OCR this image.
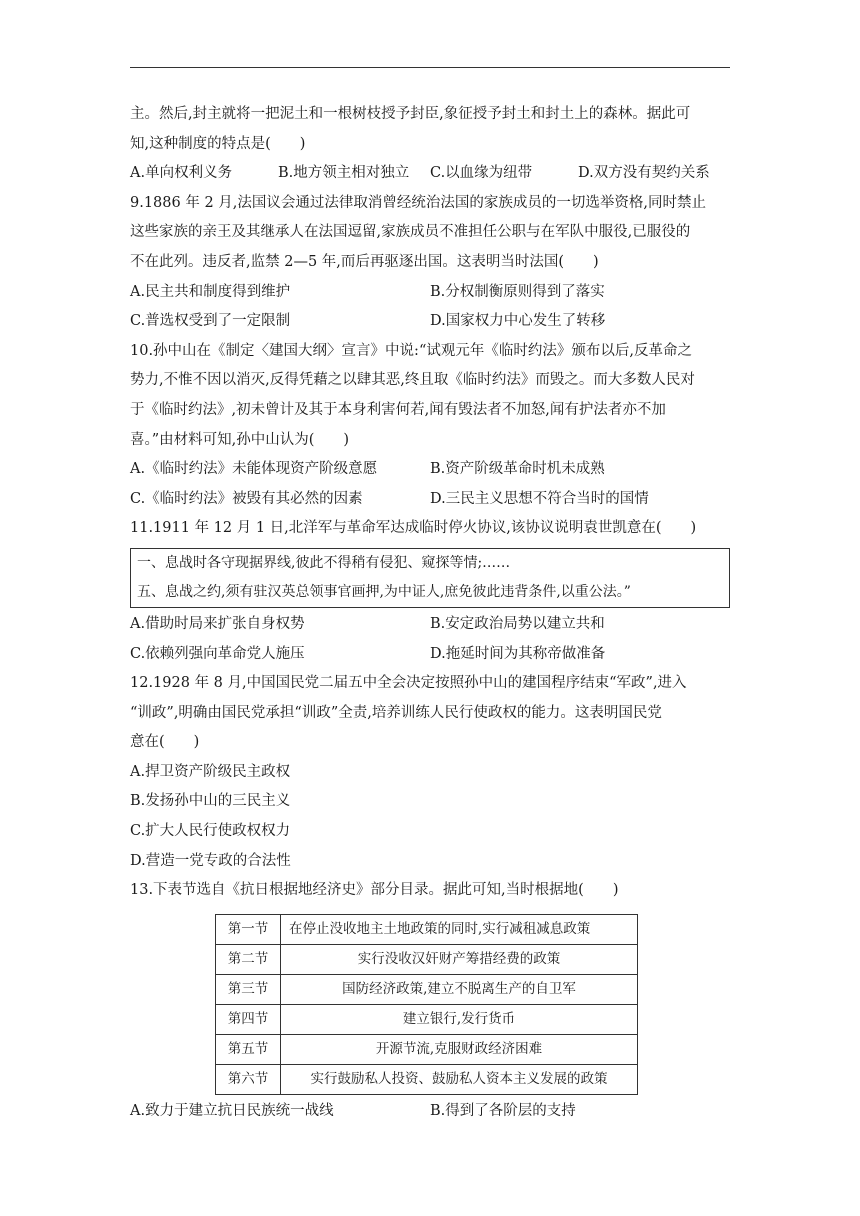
主。然后,封主就将一把泥土和一根树枝授予封臣,象征授予封土和封土上的森林。据此可
知,这种制度的特点是(　　)
A.单向权利义务	B.地方领主相对独立	C.以血缘为纽带	D.双方没有契约关系
9.1886 年 2 月,法国议会通过法律取消曾经统治法国的家族成员的一切选举资格,同时禁止
这些家族的亲王及其继承人在法国逗留,家族成员不准担任公职与在军队中服役,已服役的
不在此列。违反者,监禁 2—5 年,而后再驱逐出国。这表明当时法国(　　)
A.民主共和制度得到维护	B.分权制衡原则得到了落实
C.普选权受到了一定限制	D.国家权力中心发生了转移
10.孙中山在《制定〈建国大纲〉宣言》中说:“试观元年《临时约法》颁布以后,反革命之
势力,不惟不因以消灭,反得凭藉之以肆其恶,终且取《临时约法》而毁之。而大多数人民对
于《临时约法》,初未曾计及其于本身利害何若,闻有毁法者不加怒,闻有护法者亦不加
喜。”由材料可知,孙中山认为(　　)
A.《临时约法》未能体现资产阶级意愿	B.资产阶级革命时机未成熟
C.《临时约法》被毁有其必然的因素	D.三民主义思想不符合当时的国情
11.1911 年 12 月 1 日,北洋军与革命军达成临时停火协议,该协议说明袁世凯意在(　　)
一、息战时各守现据界线,彼此不得稍有侵犯、窥探等情;……
五、息战之约,须有驻汉英总领事官画押,为中证人,庶免彼此违背条件,以重公法。”
A.借助时局来扩张自身权势	B.安定政治局势以建立共和
C.依赖列强向革命党人施压	D.拖延时间为其称帝做准备
12.1928 年 8 月,中国国民党二届五中全会决定按照孙中山的建国程序结束“军政”,进入
“训政”,明确由国民党承担“训政”全责,培养训练人民行使政权的能力。这表明国民党
意在(　　)
A.捍卫资产阶级民主政权
B.发扬孙中山的三民主义
C.扩大人民行使政权权力
D.营造一党专政的合法性
13.下表节选自《抗日根据地经济史》部分目录。据此可知,当时根据地(　　)
第一节	在停止没收地主土地政策的同时,实行减租减息政策
第二节	实行没收汉奸财产筹措经费的政策
第三节	国防经济政策,建立不脱离生产的自卫军
第四节	建立银行,发行货币
第五节	开源节流,克服财政经济困难
第六节	实行鼓励私人投资、鼓励私人资本主义发展的政策
A.致力于建立抗日民族统一战线	B.得到了各阶层的支持
